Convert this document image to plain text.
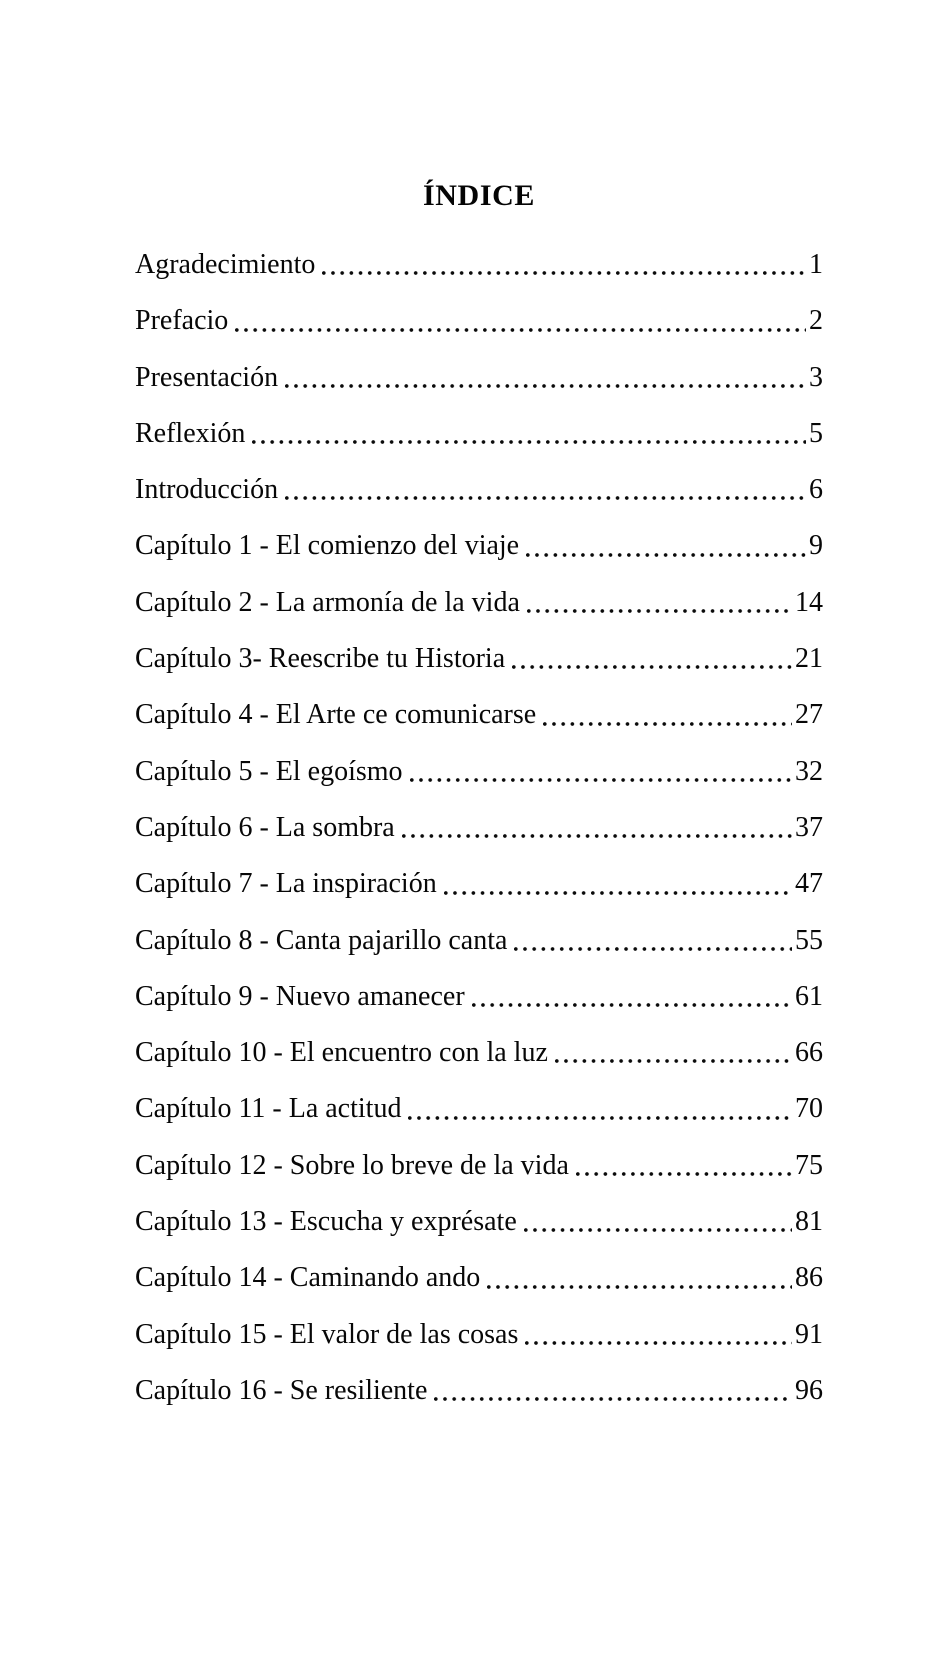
ÍNDICE
Agradecimiento	1
Prefacio	2
Presentación	3
Reflexión	5
Introducción	6
Capítulo 1 - El comienzo del viaje	9
Capítulo 2 - La armonía de la vida	14
Capítulo 3- Reescribe tu Historia	21
Capítulo 4 - El Arte ce comunicarse	27
Capítulo 5 - El egoísmo	32
Capítulo 6 - La sombra	37
Capítulo 7 - La inspiración	47
Capítulo 8 - Canta pajarillo canta	55
Capítulo 9 - Nuevo amanecer	61
Capítulo 10 - El encuentro con la luz	66
Capítulo 11 - La actitud	70
Capítulo 12 - Sobre lo breve de la vida	75
Capítulo 13 - Escucha y exprésate	81
Capítulo 14 - Caminando ando	86
Capítulo 15 - El valor de las cosas	91
Capítulo 16 - Se resiliente	96
